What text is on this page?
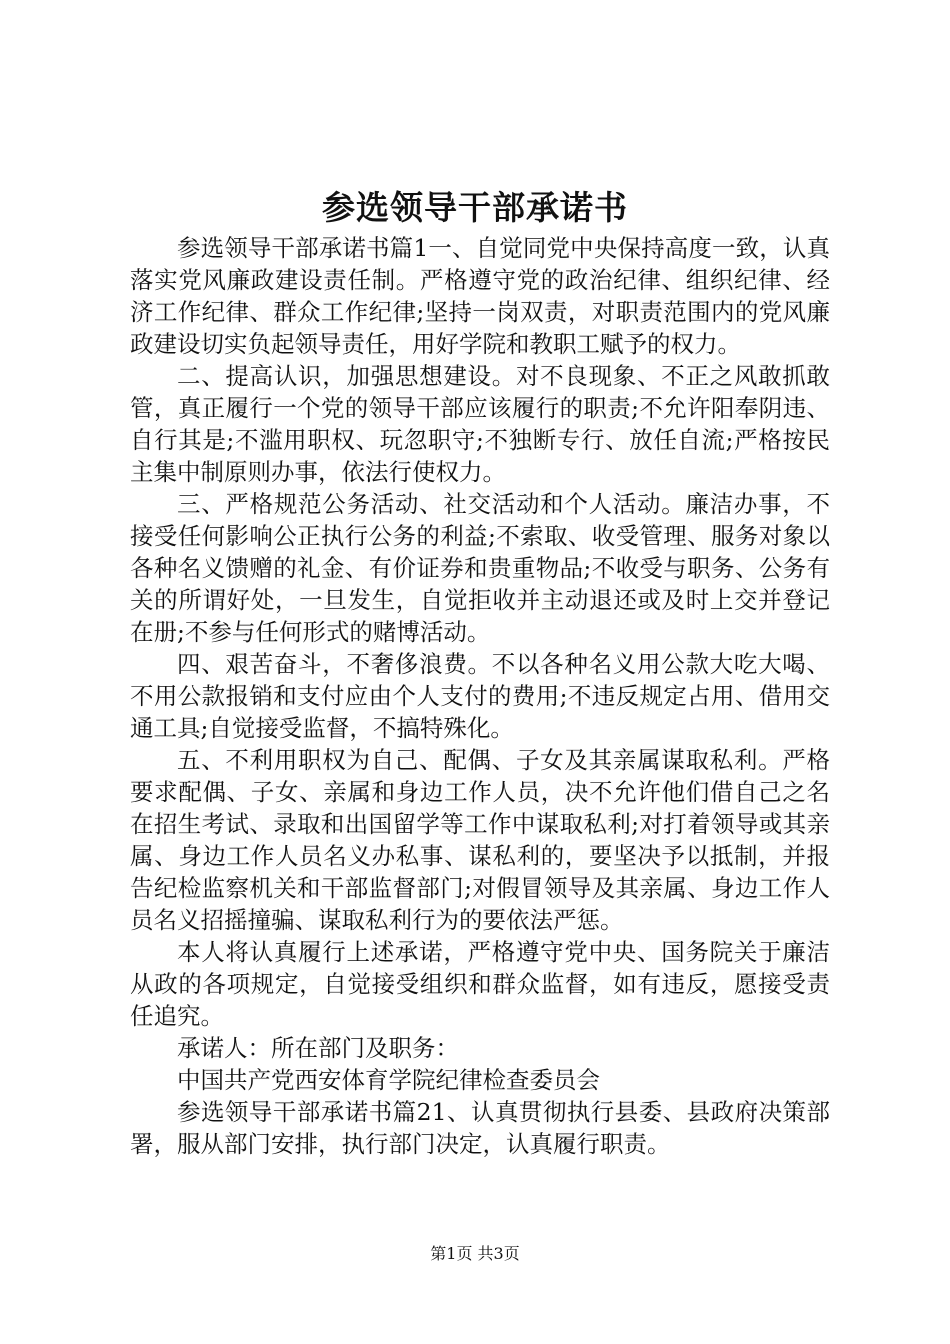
参选领导干部承诺书

参选领导干部承诺书篇1一、自觉同党中央保持高度一致，认真落实党风廉政建设责任制。严格遵守党的政治纪律、组织纪律、经济工作纪律、群众工作纪律;坚持一岗双责，对职责范围内的党风廉政建设切实负起领导责任，用好学院和教职工赋予的权力。

二、提高认识，加强思想建设。对不良现象、不正之风敢抓敢管，真正履行一个党的领导干部应该履行的职责;不允许阳奉阴违、自行其是;不滥用职权、玩忽职守;不独断专行、放任自流;严格按民主集中制原则办事，依法行使权力。

三、严格规范公务活动、社交活动和个人活动。廉洁办事，不接受任何影响公正执行公务的利益;不索取、收受管理、服务对象以各种名义馈赠的礼金、有价证券和贵重物品;不收受与职务、公务有关的所谓好处，一旦发生，自觉拒收并主动退还或及时上交并登记在册;不参与任何形式的赌博活动。

四、艰苦奋斗，不奢侈浪费。不以各种名义用公款大吃大喝、不用公款报销和支付应由个人支付的费用;不违反规定占用、借用交通工具;自觉接受监督，不搞特殊化。

五、不利用职权为自己、配偶、子女及其亲属谋取私利。严格要求配偶、子女、亲属和身边工作人员，决不允许他们借自己之名在招生考试、录取和出国留学等工作中谋取私利;对打着领导或其亲属、身边工作人员名义办私事、谋私利的，要坚决予以抵制，并报告纪检监察机关和干部监督部门;对假冒领导及其亲属、身边工作人员名义招摇撞骗、谋取私利行为的要依法严惩。

本人将认真履行上述承诺，严格遵守党中央、国务院关于廉洁从政的各项规定，自觉接受组织和群众监督，如有违反，愿接受责任追究。

承诺人：所在部门及职务：

中国共产党西安体育学院纪律检查委员会

参选领导干部承诺书篇21、认真贯彻执行县委、县政府决策部署，服从部门安排，执行部门决定，认真履行职责。

第1页 共3页
